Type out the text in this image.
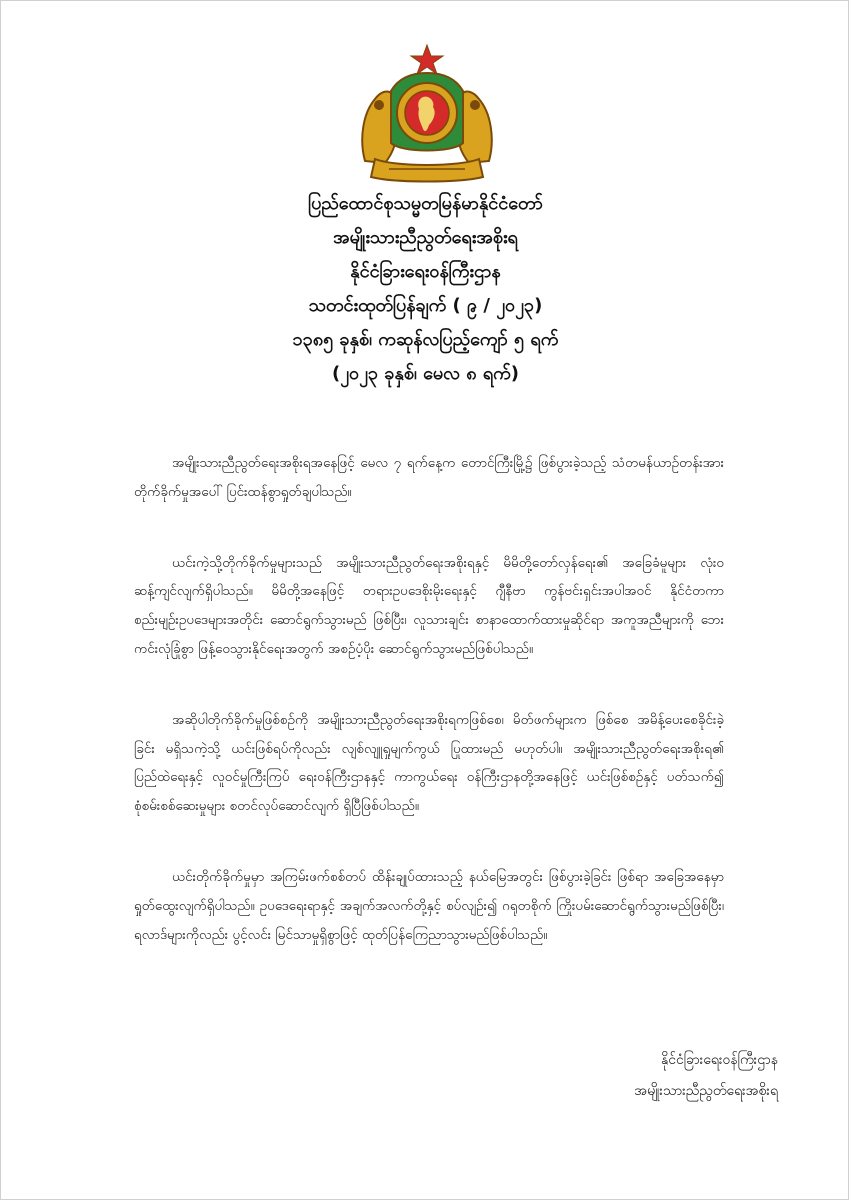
ပြည်ထောင်စုသမ္မတမြန်မာနိုင်ငံတော်
အမျိုးသားညီညွတ်ရေးအစိုးရ
နိုင်ငံခြားရေးဝန်ကြီးဌာန
သတင်းထုတ်ပြန်ချက် ( ၉ / ၂၀၂၃)
၁၃၈၅ ခုနှစ်၊ ကဆုန်လပြည့်ကျော် ၅ ရက်
(၂၀၂၃ ခုနှစ်၊ မေလ ၈ ရက်)

အမျိုးသားညီညွတ်ရေးအစိုးရအနေဖြင့် မေလ ၇ ရက်နေ့က တောင်ကြီးမြို့၌ ဖြစ်ပွားခဲ့သည့် သံတမန်ယာဉ်တန်းအား တိုက်ခိုက်မှုအပေါ် ပြင်းထန်စွာရှုတ်ချပါသည်။

ယင်းကဲ့သို့တိုက်ခိုက်မှုများသည် အမျိုးသားညီညွတ်ရေးအစိုးရနှင့် မိမိတို့တော်လှန်ရေး၏ အခြေခံမူများ လုံးဝဆန့်ကျင်လျက်ရှိပါသည်။ မိမိတို့အနေဖြင့် တရားဥပဒေစိုးမိုးရေးနှင့် ဂျီနီဗာ ကွန်ဗင်းရှင်းအပါအဝင် နိုင်ငံတကာစည်းမျဉ်းဥပဒေများအတိုင်း ဆောင်ရွက်သွားမည် ဖြစ်ပြီး၊ လူသားချင်း စာနာထောက်ထားမှုဆိုင်ရာ အကူအညီများကို ဘေးကင်းလုံခြုံစွာ ဖြန့်ဝေသွားနိုင်ရေးအတွက် အစဉ်ပံ့ပိုး ဆောင်ရွက်သွားမည်ဖြစ်ပါသည်။

အဆိုပါတိုက်ခိုက်မှုဖြစ်စဉ်ကို အမျိုးသားညီညွတ်ရေးအစိုးရကဖြစ်စေ၊ မိတ်ဖက်များက ဖြစ်စေ အမိန့်ပေးစေခိုင်းခဲ့ခြင်း မရှိသကဲ့သို့ ယင်းဖြစ်ရပ်ကိုလည်း လျစ်လျူရှုမျက်ကွယ် ပြုထားမည် မဟုတ်ပါ။ အမျိုးသားညီညွတ်ရေးအစိုးရ၏ ပြည်ထဲရေးနှင့် လူဝင်မှုကြီးကြပ် ရေးဝန်ကြီးဌာနနှင့် ကာကွယ်ရေး ဝန်ကြီးဌာနတို့အနေဖြင့် ယင်းဖြစ်စဉ်နှင့် ပတ်သက်၍ စုံစမ်းစစ်ဆေးမှုများ စတင်လုပ်ဆောင်လျက် ရှိပြီဖြစ်ပါသည်။

ယင်းတိုက်ခိုက်မှုမှာ အကြမ်းဖက်စစ်တပ် ထိန်းချုပ်ထားသည့် နယ်မြေအတွင်း ဖြစ်ပွားခဲ့ခြင်း ဖြစ်ရာ အခြေအနေမှာ ရှုတ်ထွေးလျက်ရှိပါသည်။ ဥပဒေရေးရာနှင့် အချက်အလက်တို့နှင့် စပ်လျဉ်း၍ ဂရုတစိုက် ကြိုးပမ်းဆောင်ရွက်သွားမည်ဖြစ်ပြီး၊ ရလာဒ်များကိုလည်း ပွင့်လင်း မြင်သာမှုရှိစွာဖြင့် ထုတ်ပြန်ကြေညာသွားမည်ဖြစ်ပါသည်။

နိုင်ငံခြားရေးဝန်ကြီးဌာန
အမျိုးသားညီညွတ်ရေးအစိုးရ
